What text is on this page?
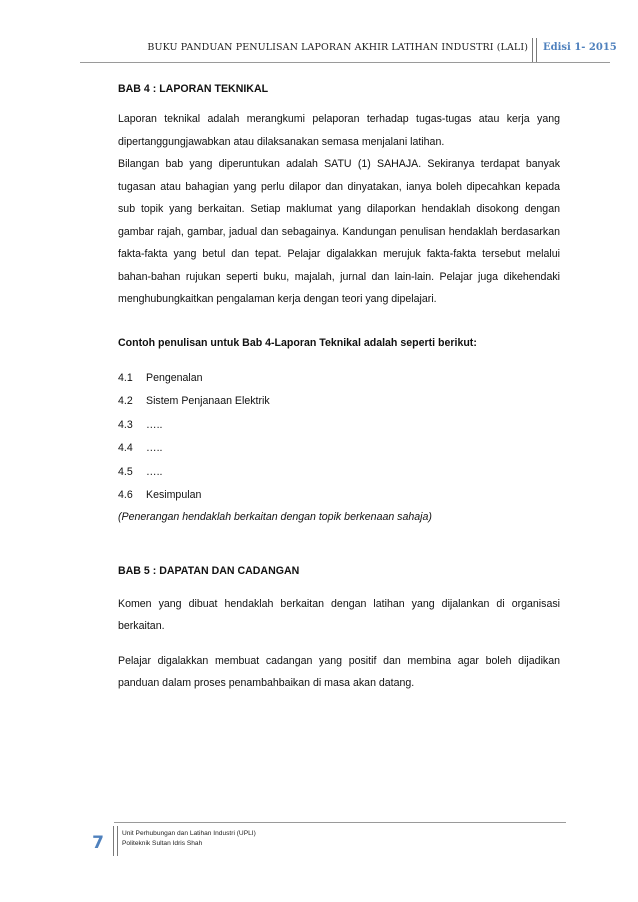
BUKU PANDUAN PENULISAN LAPORAN AKHIR LATIHAN INDUSTRI (LALI) Edisi 1- 2015

BAB 4 : LAPORAN TEKNIKAL

Laporan teknikal adalah merangkumi pelaporan terhadap tugas-tugas atau kerja yang dipertanggungjawabkan atau dilaksanakan semasa menjalani latihan.

Bilangan bab yang diperuntukan adalah SATU (1) SAHAJA. Sekiranya terdapat banyak tugasan atau bahagian yang perlu dilapor dan dinyatakan, ianya boleh dipecahkan kepada sub topik yang berkaitan. Setiap maklumat yang dilaporkan hendaklah disokong dengan gambar rajah, gambar, jadual dan sebagainya. Kandungan penulisan hendaklah berdasarkan fakta-fakta yang betul dan tepat. Pelajar digalakkan merujuk fakta-fakta tersebut melalui bahan-bahan rujukan seperti buku, majalah, jurnal dan lain-lain. Pelajar juga dikehendaki menghubungkaitkan pengalaman kerja dengan teori yang dipelajari.

Contoh penulisan untuk Bab 4-Laporan Teknikal adalah seperti berikut:

4.1	Pengenalan
4.2	Sistem Penjanaan Elektrik
4.3	…..
4.4	…..
4.5	…..
4.6	Kesimpulan

(Penerangan hendaklah berkaitan dengan topik berkenaan sahaja)

BAB 5 : DAPATAN DAN CADANGAN

Komen yang dibuat hendaklah berkaitan dengan latihan yang dijalankan di organisasi berkaitan.

Pelajar digalakkan membuat cadangan yang positif dan membina agar boleh dijadikan panduan dalam proses penambahbaikan di masa akan datang.

7	Unit Perhubungan dan Latihan Industri (UPLI)
Politeknik Sultan Idris Shah
